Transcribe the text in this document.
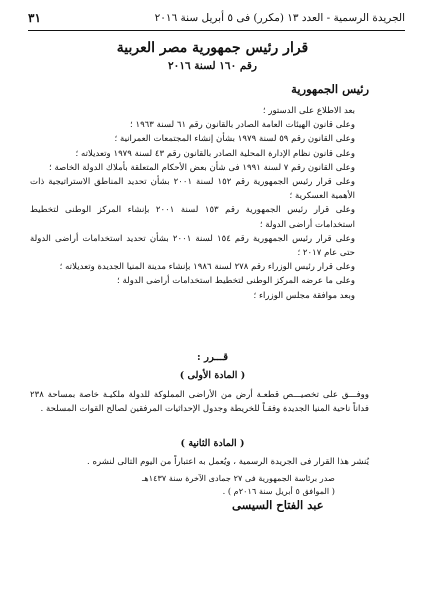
الجريدة الرسمية - العدد ١٣ (مكرر) فى ٥ أبريل سنة ٢٠١٦
٣١
قرار رئيس جمهورية مصر العربية
رقم ١٦٠ لسنة ٢٠١٦
رئيس الجمهورية

بعد الاطلاع على الدستور ؛

وعلى قانون الهيئات العامة الصادر بالقانون رقم ٦١ لسنة ١٩٦٣ ؛

وعلى القانون رقم ٥٩ لسنة ١٩٧٩ بشأن إنشاء المجتمعات العمرانية ؛

وعلى قانون نظام الإدارة المحلية الصادر بالقانون رقم ٤٣ لسنة ١٩٧٩ وتعديلاته ؛

وعلى القانون رقم ٧ لسنة ١٩٩١ فى شأن بعض الأحكام المتعلقة بأملاك الدولة الخاصة ؛

وعلى قرار رئيس الجمهورية رقم ١٥٢ لسنة ٢٠٠١ بشأن تحديد المناطق الاستراتيجية ذات الأهمية العسكرية ؛

وعلى قرار رئيس الجمهورية رقم ١٥٣ لسنة ٢٠٠١ بإنشاء المركز الوطنى لتخطيط استخدامات أراضى الدولة ؛

وعلى قرار رئيس الجمهورية رقم ١٥٤ لسنة ٢٠٠١ بشأن تحديد استخدامات أراضى الدولة حتى عام ٢٠١٧ ؛

وعلى قرار رئيس الوزراء رقم ٢٧٨ لسنة ١٩٨٦ بإنشاء مدينة المنيا الجديدة وتعديلاته ؛

وعلى ما عرضه المركز الوطنى لتخطيط استخدامات أراضى الدولة ؛

وبعد موافقة مجلس الوزراء ؛

قـــرر :
( المادة الأولى )

ووفـــق على تخصيـــص قطعـة أرض من الأراضى المملوكة للدولة ملكيـة خاصة بمساحة ٢٣٨ فداناً ناحية المنيا الجديدة وفقـاً للخريطة وجدول الإحداثيات المرفقين لصالح القوات المسلحة .

( المادة الثانية )

يُنشر هذا القرار فى الجريدة الرسمية ، ويُعمل به اعتباراً من اليوم التالى لنشره .

صدر برئاسة الجمهورية فى ٢٧ جمادى الآخرة سنة ١٤٣٧هـ

( الموافق ٥ أبريل سنة ٢٠١٦م ) .

عبد الفتاح السيسى
